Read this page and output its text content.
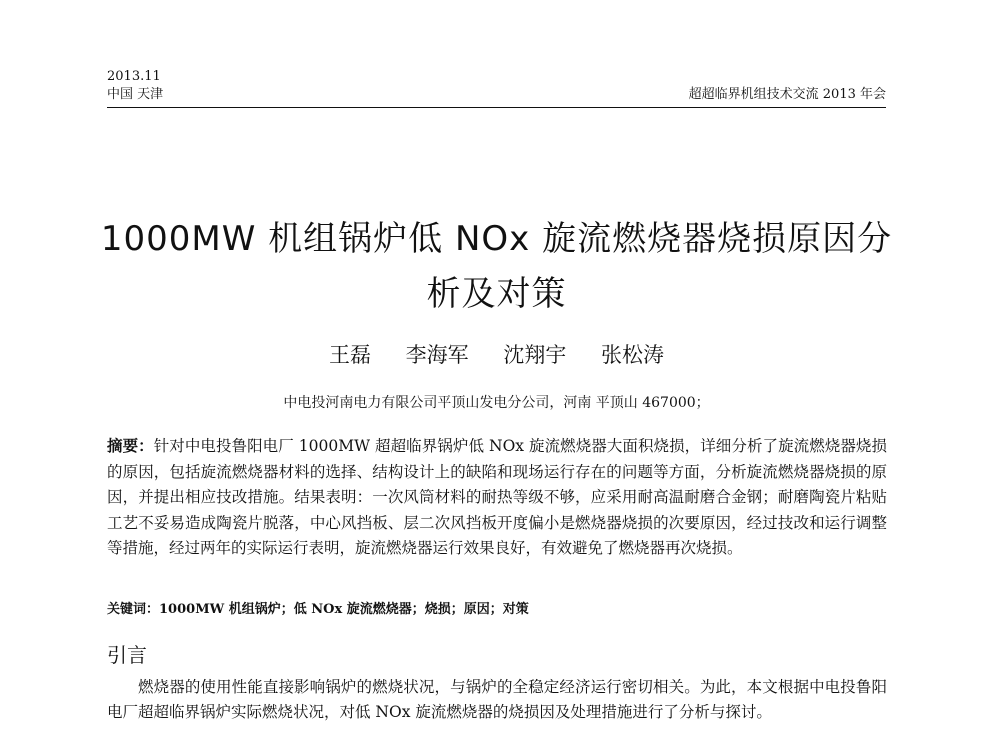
2013.11
中国 天津	超超临界机组技术交流 2013 年会
1000MW 机组锅炉低 NOx 旋流燃烧器烧损原因分析及对策
王磊 李海军 沈翔宇 张松涛
中电投河南电力有限公司平顶山发电分公司，河南 平顶山 467000；
摘要：针对中电投鲁阳电厂 1000MW 超超临界锅炉低 NOx 旋流燃烧器大面积烧损，详细分析了旋流燃烧器烧损的原因，包括旋流燃烧器材料的选择、结构设计上的缺陷和现场运行存在的问题等方面，分析旋流燃烧器烧损的原因，并提出相应技改措施。结果表明：一次风筒材料的耐热等级不够，应采用耐高温耐磨合金钢；耐磨陶瓷片粘贴工艺不妥易造成陶瓷片脱落，中心风挡板、层二次风挡板开度偏小是燃烧器烧损的次要原因，经过技改和运行调整等措施，经过两年的实际运行表明，旋流燃烧器运行效果良好，有效避免了燃烧器再次烧损。
关键词：1000MW 机组锅炉；低 NOx 旋流燃烧器；烧损；原因；对策
引言
燃烧器的使用性能直接影响锅炉的燃烧状况，与锅炉的全稳定经济运行密切相关。为此，本文根据中电投鲁阳电厂超超临界锅炉实际燃烧状况，对低 NOx 旋流燃烧器的烧损因及处理措施进行了分析与探讨。
